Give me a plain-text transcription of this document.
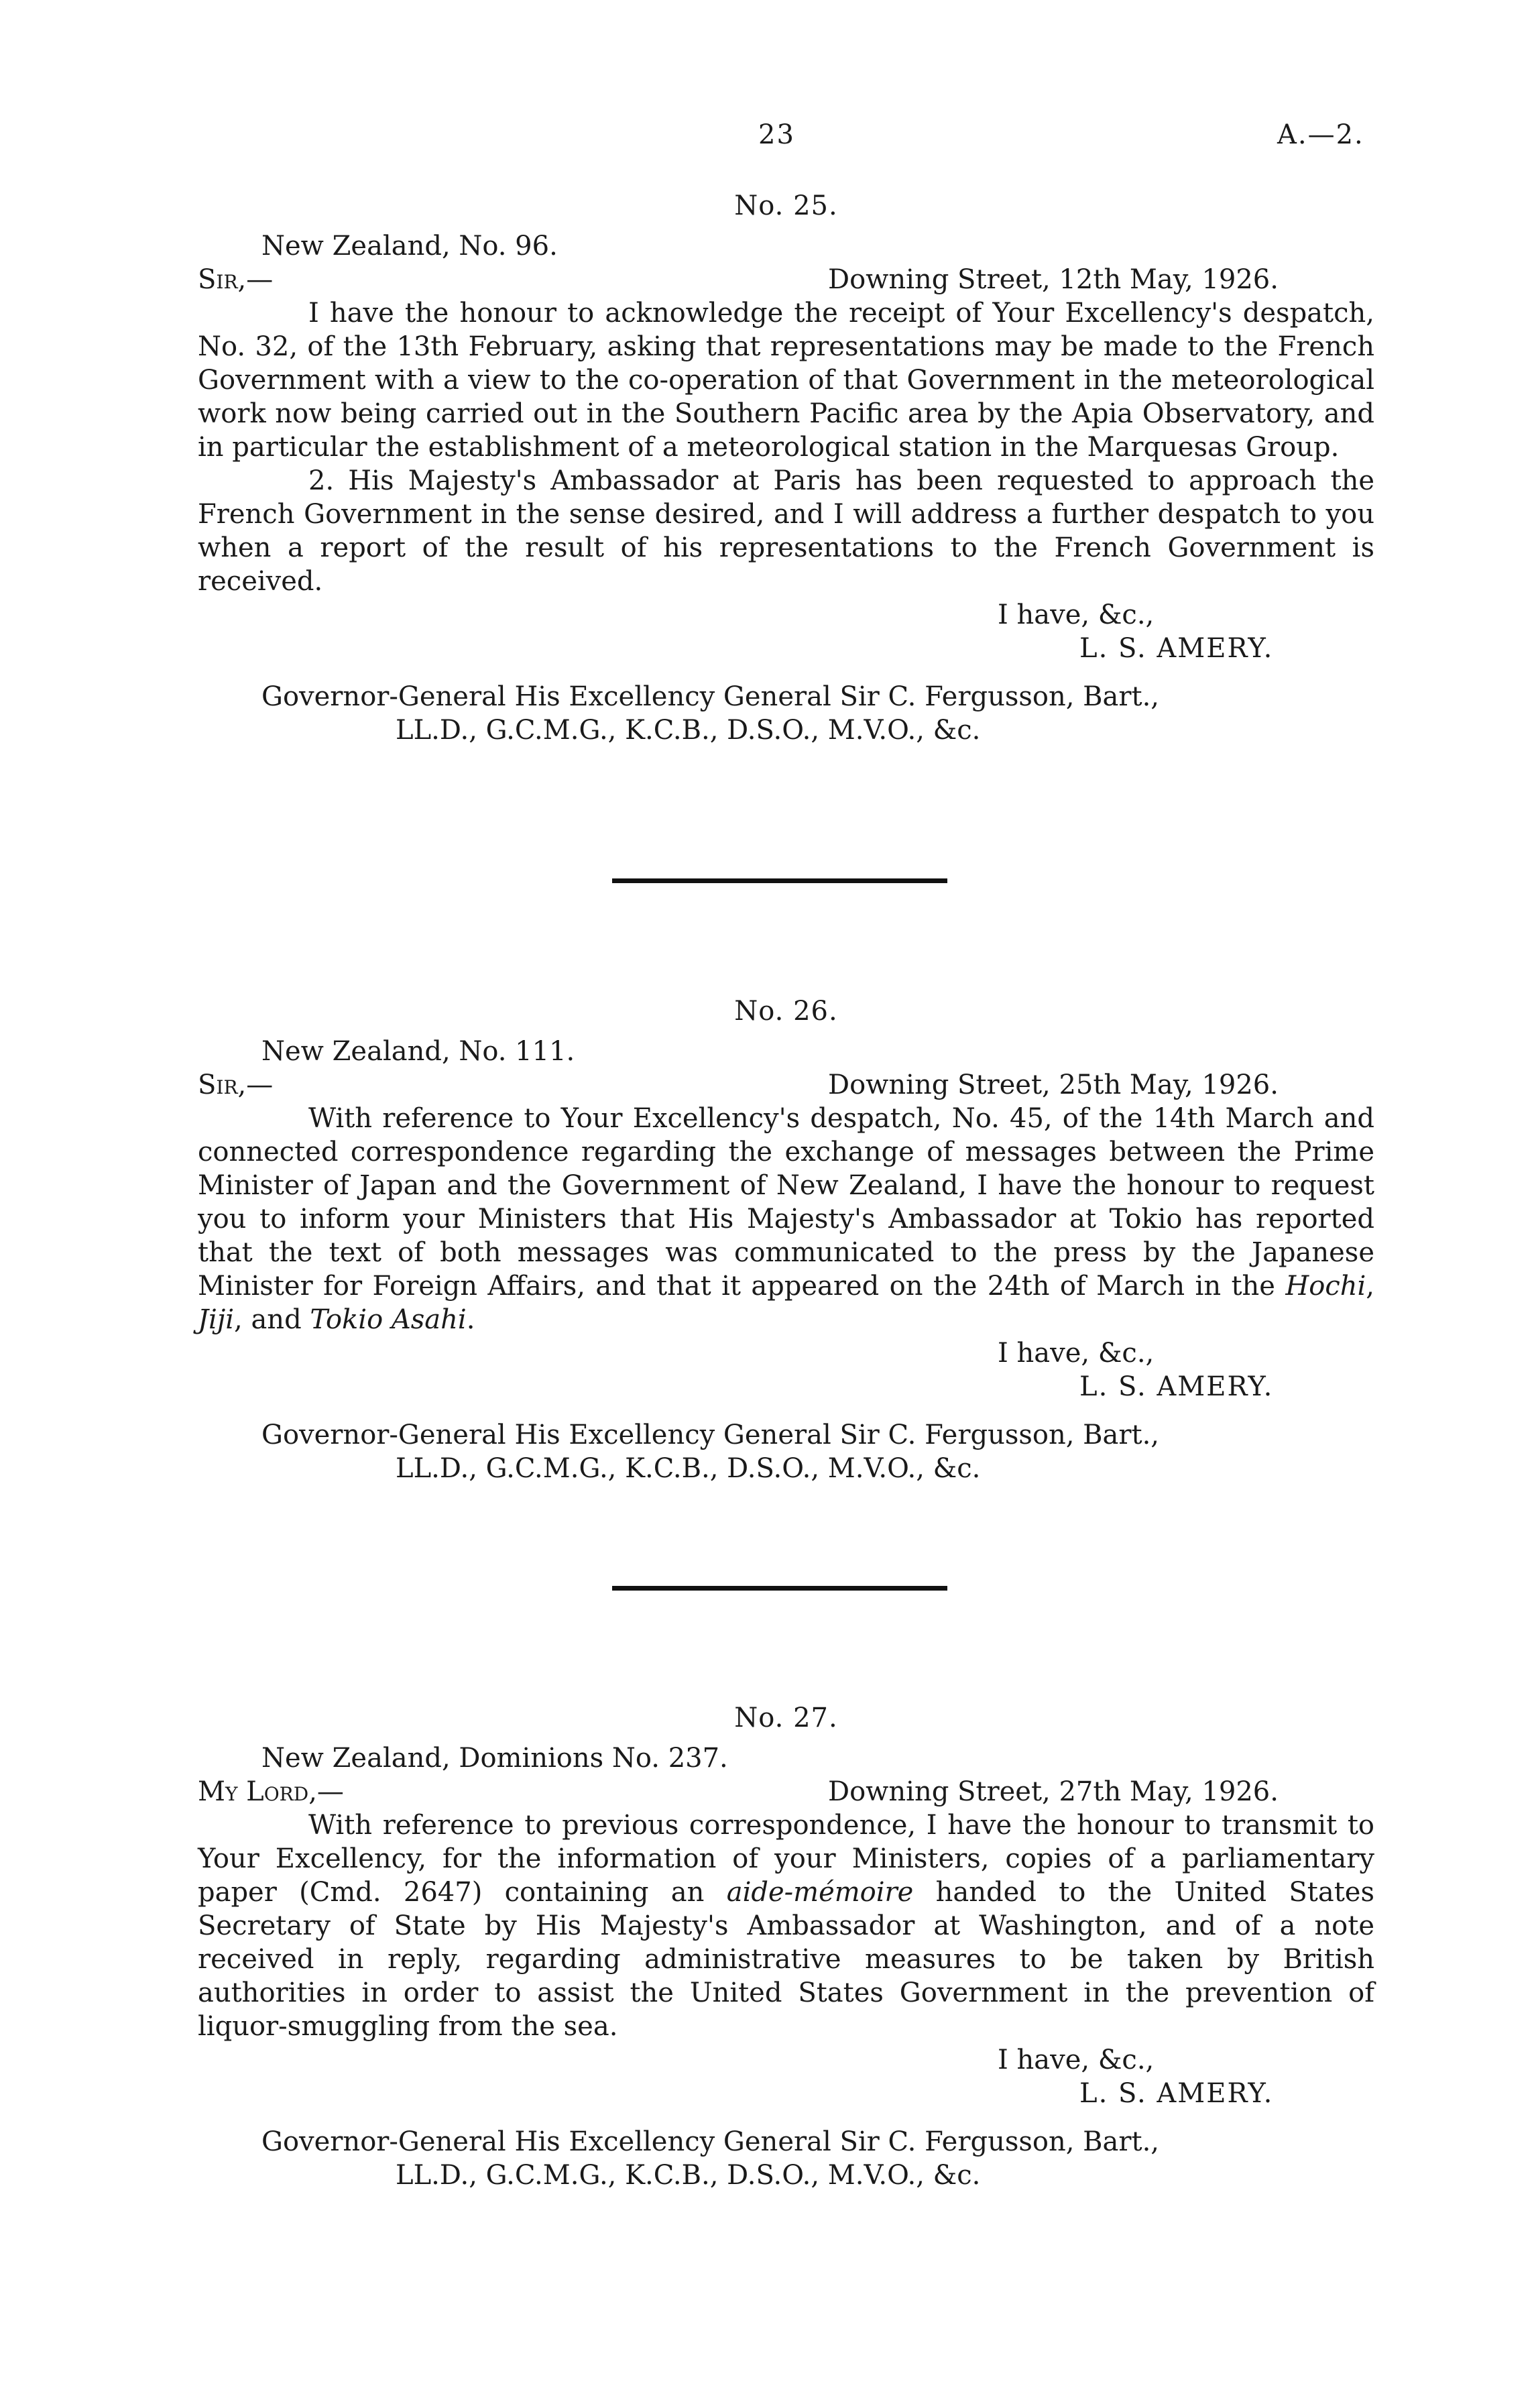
23	A.—2.
No. 25.
New Zealand, No. 96.
Sir,—	Downing Street, 12th May, 1926.

I have the honour to acknowledge the receipt of Your Excellency's despatch, No. 32, of the 13th February, asking that representations may be made to the French Government with a view to the co-operation of that Government in the meteorological work now being carried out in the Southern Pacific area by the Apia Observatory, and in particular the establishment of a meteorological station in the Marquesas Group.

2. His Majesty's Ambassador at Paris has been requested to approach the French Government in the sense desired, and I will address a further despatch to you when a report of the result of his representations to the French Government is received.

I have, &c.,
L. S. AMERY.
Governor-General His Excellency General Sir C. Fergusson, Bart.,
LL.D., G.C.M.G., K.C.B., D.S.O., M.V.O., &c.
No. 26.
New Zealand, No. 111.
Sir,—	Downing Street, 25th May, 1926.

With reference to Your Excellency's despatch, No. 45, of the 14th March and connected correspondence regarding the exchange of messages between the Prime Minister of Japan and the Government of New Zealand, I have the honour to request you to inform your Ministers that His Majesty's Ambassador at Tokio has reported that the text of both messages was communicated to the press by the Japanese Minister for Foreign Affairs, and that it appeared on the 24th of March in the Hochi, Jiji, and Tokio Asahi.

I have, &c.,
L. S. AMERY.
Governor-General His Excellency General Sir C. Fergusson, Bart.,
LL.D., G.C.M.G., K.C.B., D.S.O., M.V.O., &c.
No. 27.
New Zealand, Dominions No. 237.
My Lord,—	Downing Street, 27th May, 1926.

With reference to previous correspondence, I have the honour to transmit to Your Excellency, for the information of your Ministers, copies of a parliamentary paper (Cmd. 2647) containing an aide-mémoire handed to the United States Secretary of State by His Majesty's Ambassador at Washington, and of a note received in reply, regarding administrative measures to be taken by British authorities in order to assist the United States Government in the prevention of liquor-smuggling from the sea.

I have, &c.,
L. S. AMERY.
Governor-General His Excellency General Sir C. Fergusson, Bart.,
LL.D., G.C.M.G., K.C.B., D.S.O., M.V.O., &c.
